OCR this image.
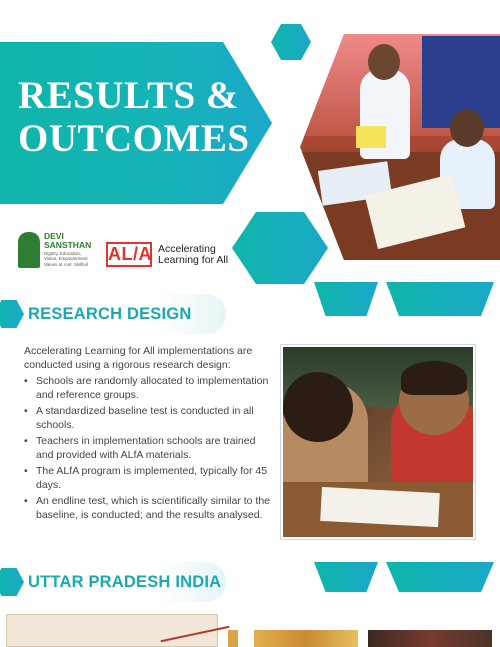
RESULTS &
OUTCOMES
DEVI
SANSTHAN
Dignity, Education, Vision, Empowerment
Values at root: Skillfull
AL/A Accelerating
Learning for All
RESEARCH DESIGN

Accelerating Learning for All implementations are conducted using a rigorous research design:

• Schools are randomly allocated to implementation and reference groups.
• A standardized baseline test is conducted in all schools.
• Teachers in implementation schools are trained and provided with ALfA materials.
• The ALfA program is implemented, typically for 45 days.
• An endline test, which is scientifically similar to the baseline, is conducted; and the results analysed.
UTTAR PRADESH INDIA
